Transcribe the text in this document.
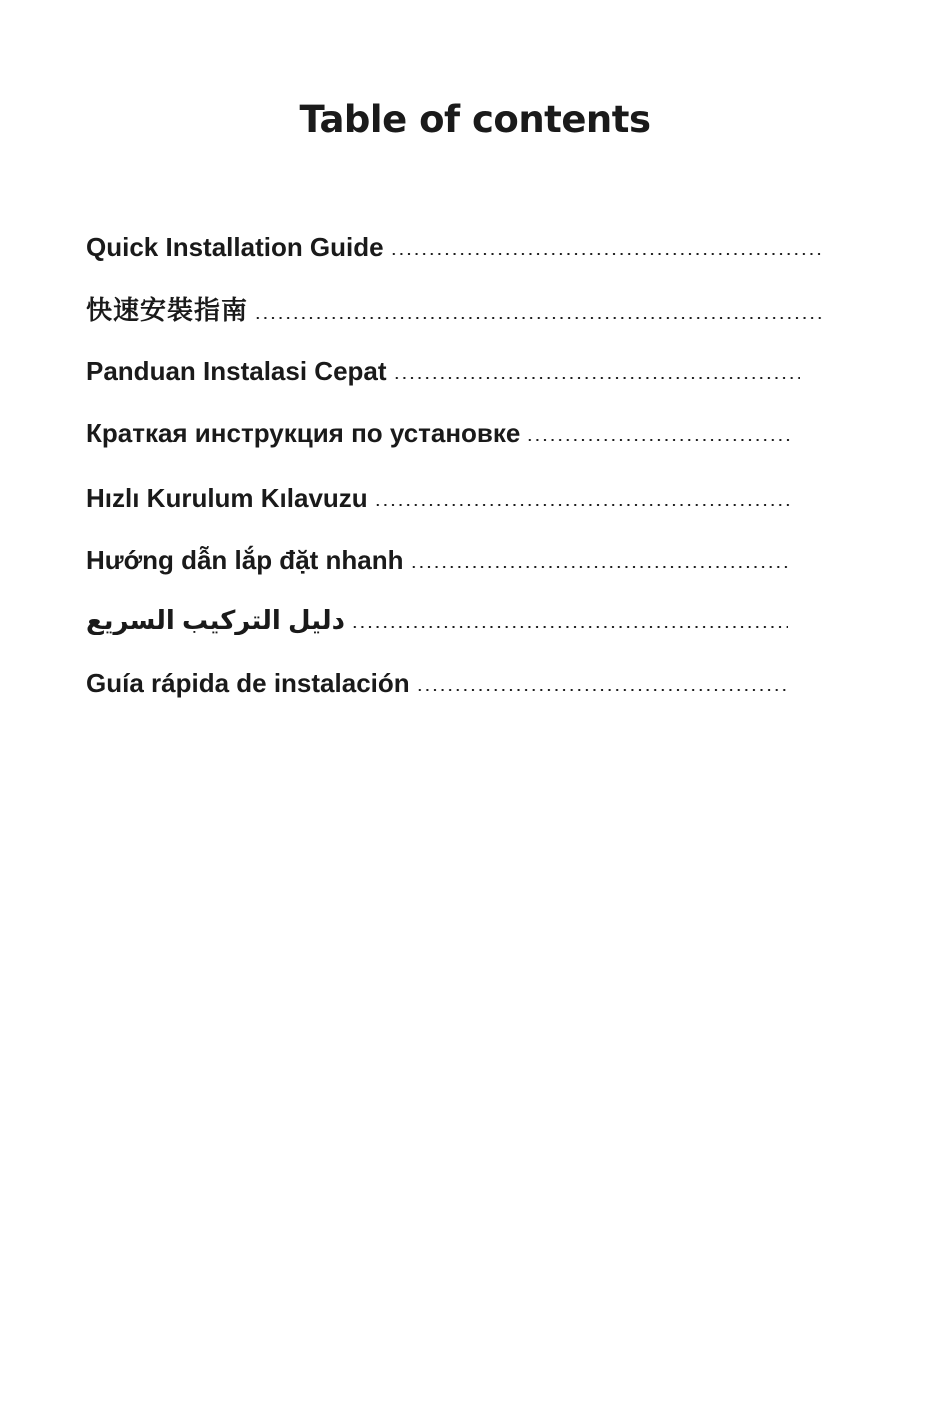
Table of contents
Quick Installation Guide
快速安裝指南
Panduan Instalasi Cepat
Краткая инструкция по установке
Hızlı Kurulum Kılavuzu
Hướng dẫn lắp đặt nhanh
دليل التركيب السريع
Guía rápida de instalación
